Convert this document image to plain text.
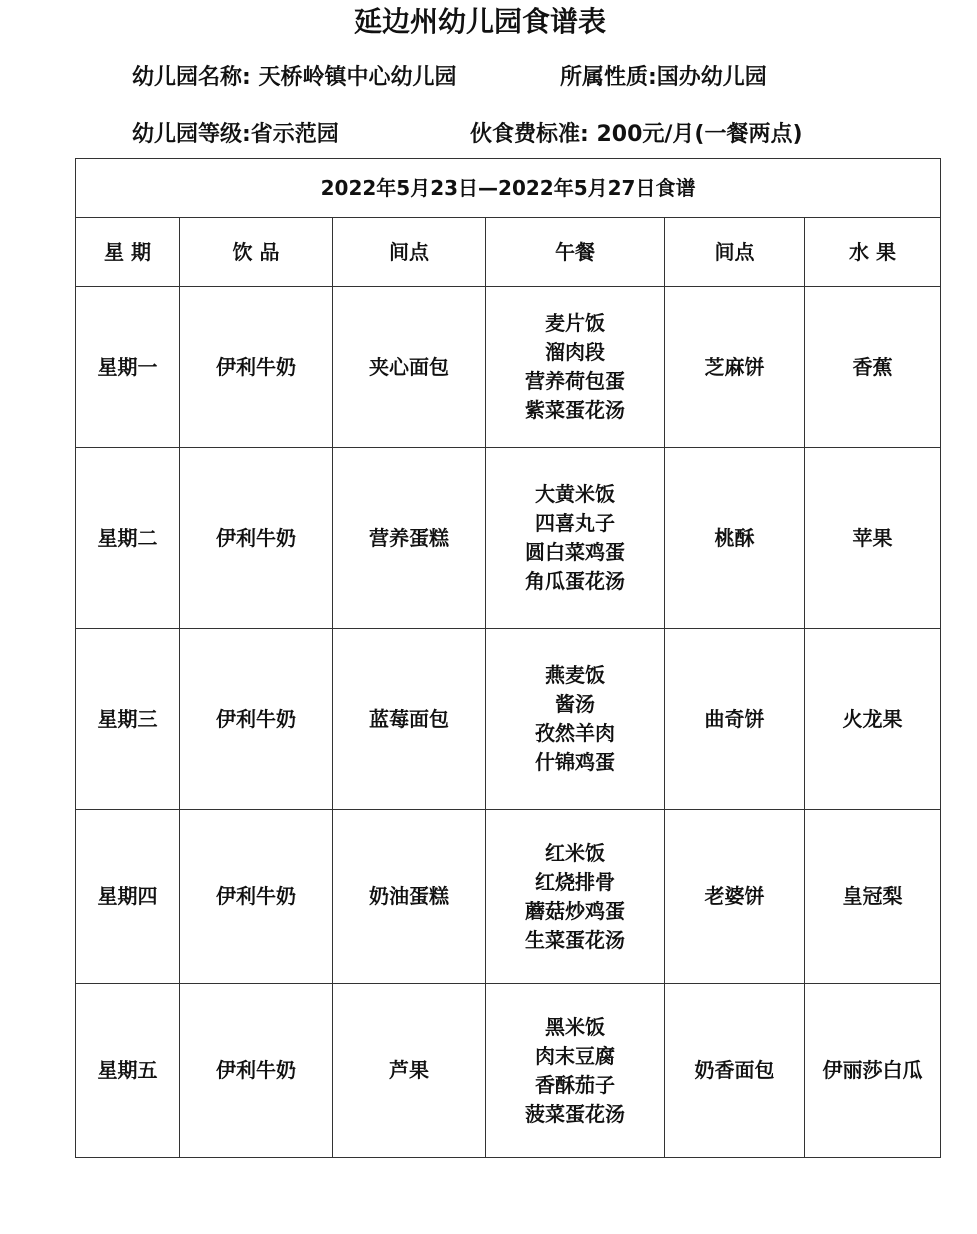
延边州幼儿园食谱表
幼儿园名称: 天桥岭镇中心幼儿园	所属性质:国办幼儿园
幼儿园等级:省示范园	伙食费标准: 200元/月(一餐两点)
2022年5月23日—2022年5月27日食谱					
星 期	饮 品	间点	午餐	间点	水 果
星期一	伊利牛奶	夹心面包	麦片饭
溜肉段
营养荷包蛋
紫菜蛋花汤	芝麻饼	香蕉
星期二	伊利牛奶	营养蛋糕	大黄米饭
四喜丸子
圆白菜鸡蛋
角瓜蛋花汤	桃酥	苹果
星期三	伊利牛奶	蓝莓面包	燕麦饭
酱汤
孜然羊肉
什锦鸡蛋	曲奇饼	火龙果
星期四	伊利牛奶	奶油蛋糕	红米饭
红烧排骨
蘑菇炒鸡蛋
生菜蛋花汤	老婆饼	皇冠梨
星期五	伊利牛奶	芦果	黑米饭
肉末豆腐
香酥茄子
菠菜蛋花汤	奶香面包	伊丽莎白瓜
